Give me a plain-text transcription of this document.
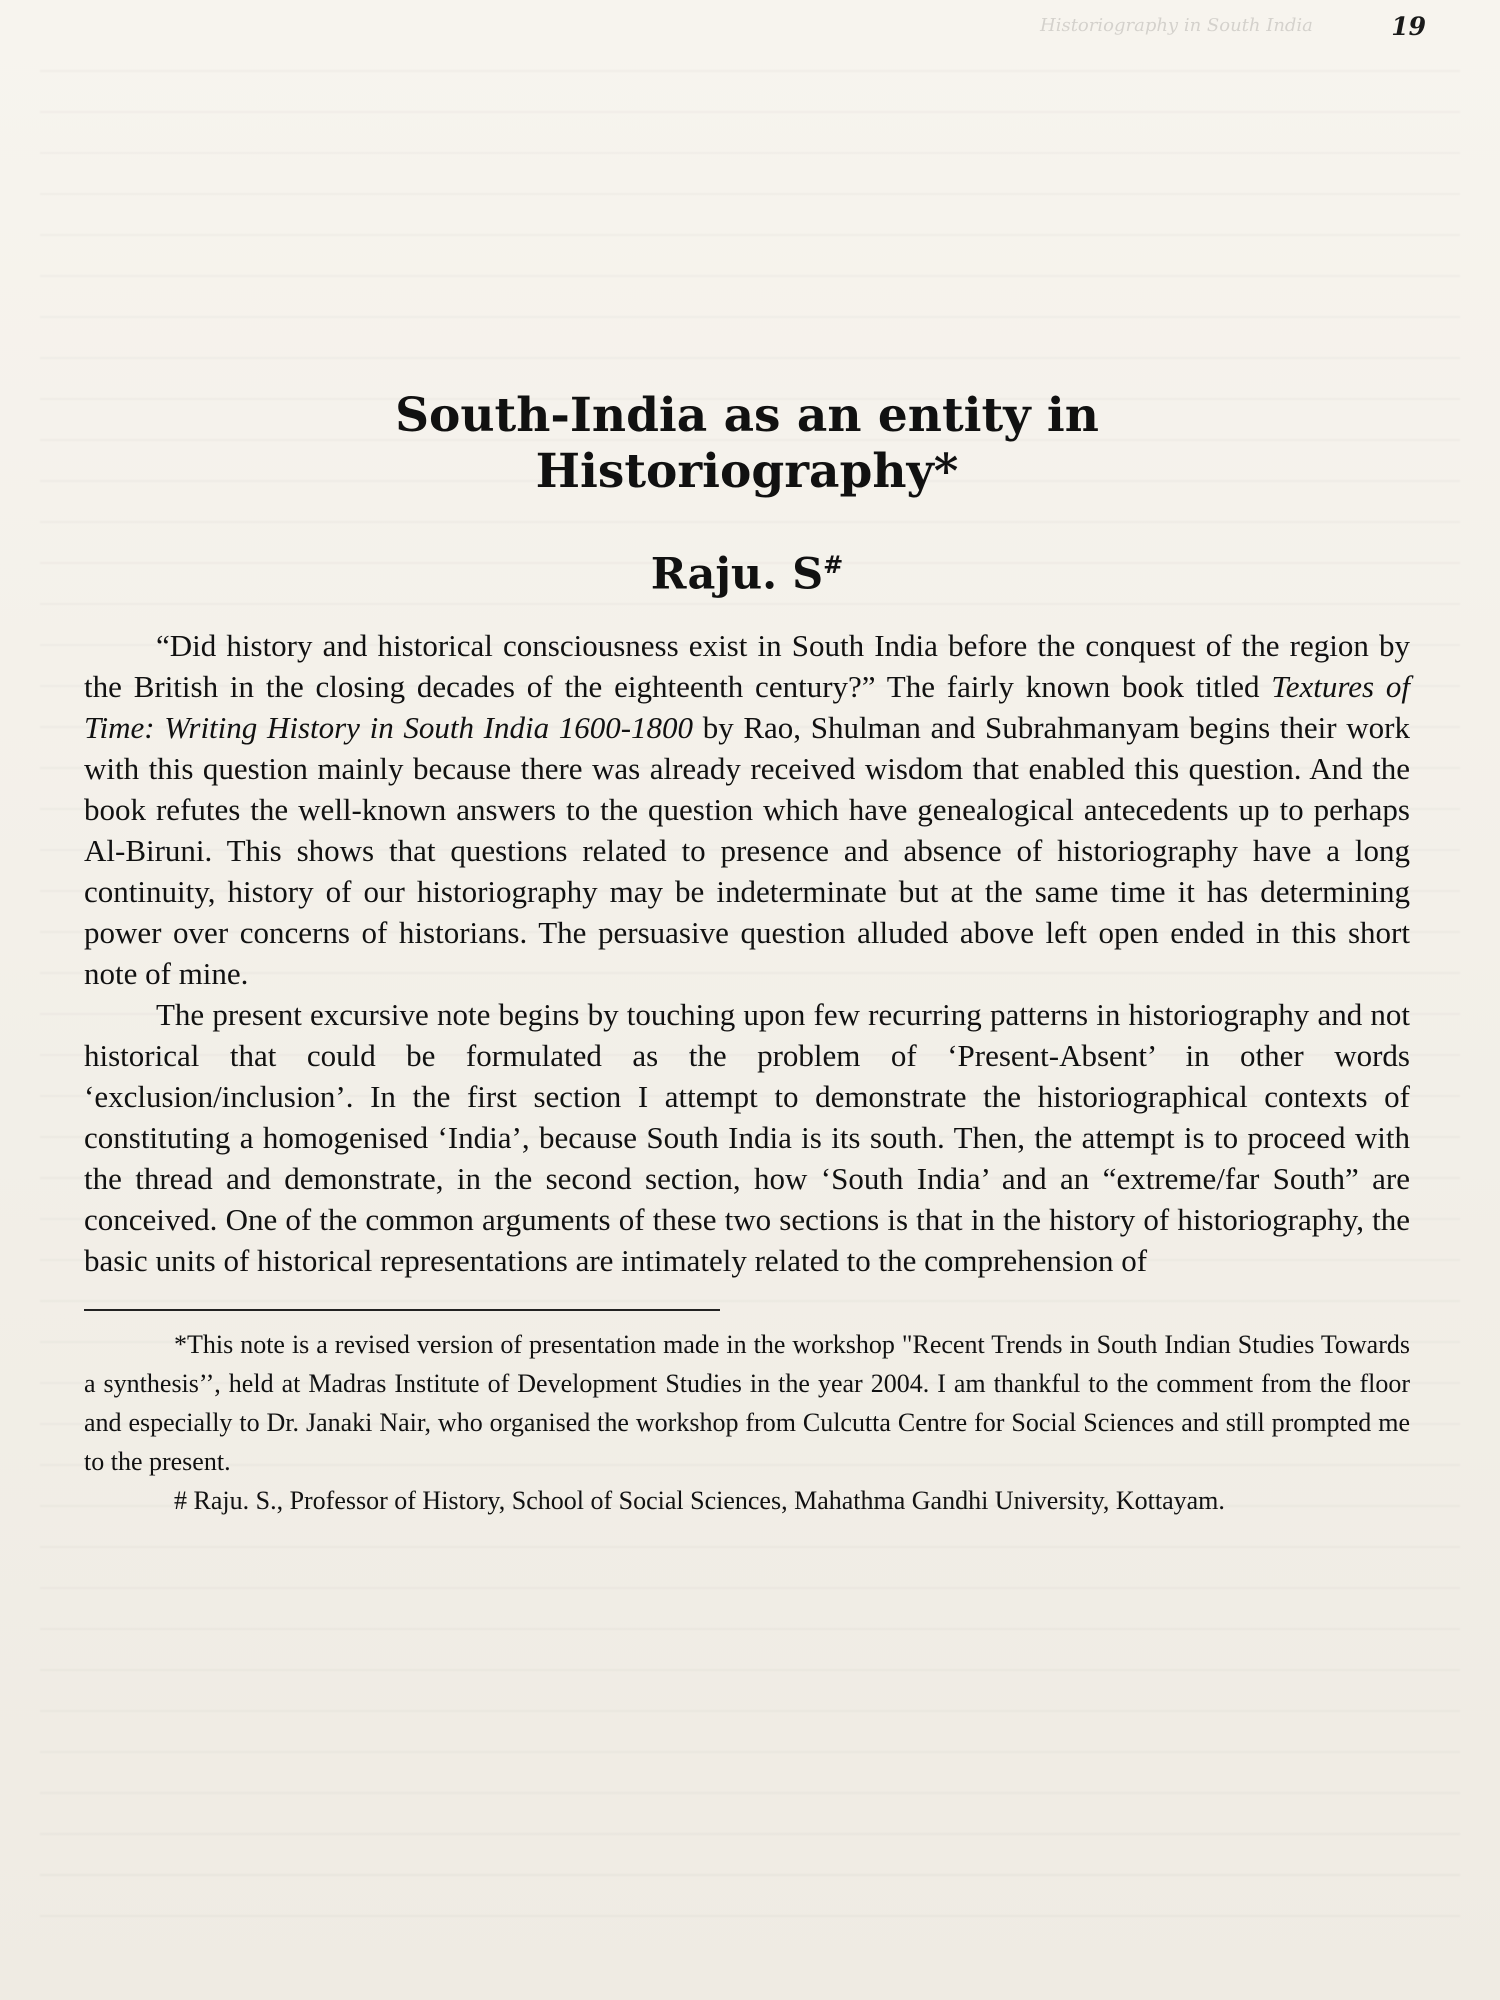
Historiography in South India	19
South-India as an entity in
Historiography*
Raju. S#

“Did history and historical consciousness exist in South India before the conquest of the region by the British in the closing decades of the eighteenth century?” The fairly known book titled Textures of Time: Writing History in South India 1600-1800 by Rao, Shulman and Subrahmanyam begins their work with this question mainly because there was already received wisdom that enabled this question. And the book refutes the well-known answers to the question which have genealogical antecedents up to perhaps Al-Biruni. This shows that questions related to presence and absence of historiography have a long continuity, history of our historiography may be indeterminate but at the same time it has determining power over concerns of historians. The persuasive question alluded above left open ended in this short note of mine.

The present excursive note begins by touching upon few recurring patterns in historiography and not historical that could be formulated as the problem of ‘Present-Absent’ in other words ‘exclusion/inclusion’. In the first section I attempt to demonstrate the historiographical contexts of constituting a homogenised ‘India’, because South India is its south. Then, the attempt is to proceed with the thread and demonstrate, in the second section, how ‘South India’ and an “extreme/far South” are conceived. One of the common arguments of these two sections is that in the history of historiography, the basic units of historical representations are intimately related to the comprehension of

*This note is a revised version of presentation made in the workshop "Recent Trends in South Indian Studies Towards a synthesis’’, held at Madras Institute of Development Studies in the year 2004. I am thankful to the comment from the floor and especially to Dr. Janaki Nair, who organised the workshop from Culcutta Centre for Social Sciences and still prompted me to the present.

# Raju. S., Professor of History, School of Social Sciences, Mahathma Gandhi University, Kottayam.
